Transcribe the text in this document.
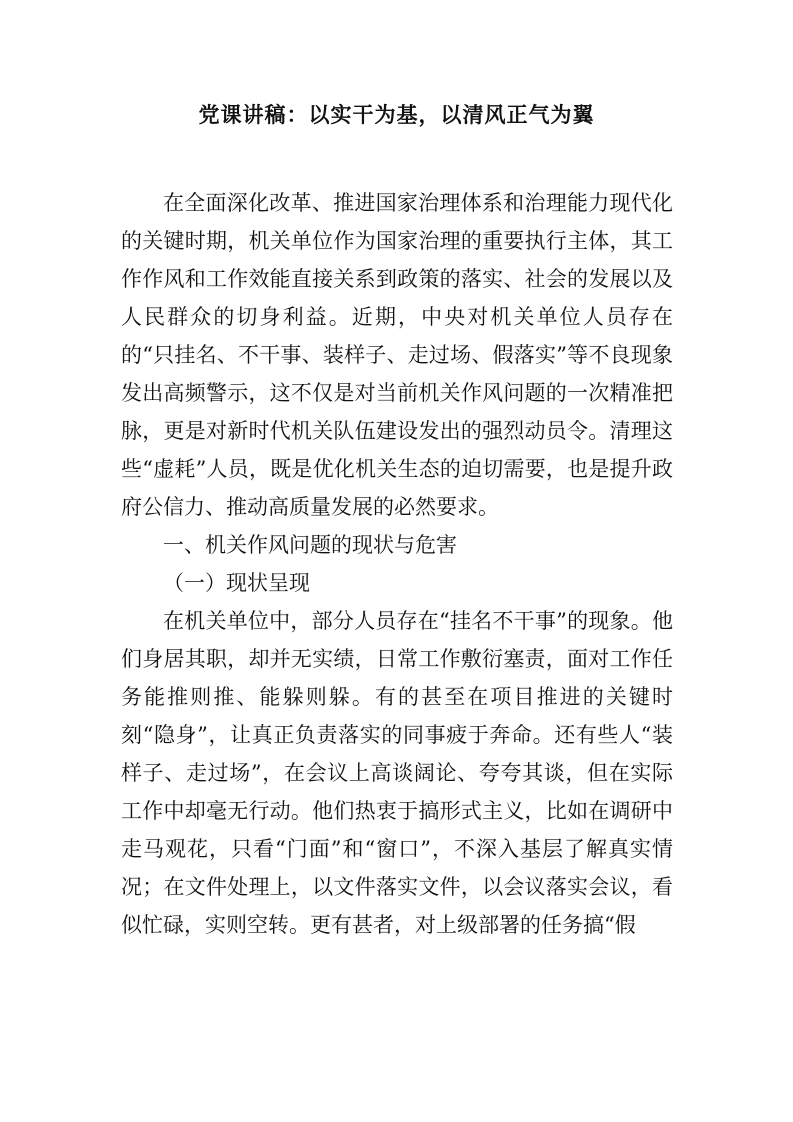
党课讲稿：以实干为基，以清风正气为翼

在全面深化改革、推进国家治理体系和治理能力现代化的关键时期，机关单位作为国家治理的重要执行主体，其工作作风和工作效能直接关系到政策的落实、社会的发展以及人民群众的切身利益。近期，中央对机关单位人员存在的“只挂名、不干事、装样子、走过场、假落实”等不良现象发出高频警示，这不仅是对当前机关作风问题的一次精准把脉，更是对新时代机关队伍建设发出的强烈动员令。清理这些“虚耗”人员，既是优化机关生态的迫切需要，也是提升政府公信力、推动高质量发展的必然要求。

一、机关作风问题的现状与危害

（一）现状呈现

在机关单位中，部分人员存在“挂名不干事”的现象。他们身居其职，却并无实绩，日常工作敷衍塞责，面对工作任务能推则推、能躲则躲。有的甚至在项目推进的关键时刻“隐身”，让真正负责落实的同事疲于奔命。还有些人“装样子、走过场”，在会议上高谈阔论、夸夸其谈，但在实际工作中却毫无行动。他们热衷于搞形式主义，比如在调研中走马观花，只看“门面”和“窗口”，不深入基层了解真实情况；在文件处理上，以文件落实文件，以会议落实会议，看似忙碌，实则空转。更有甚者，对上级部署的任务搞“假
